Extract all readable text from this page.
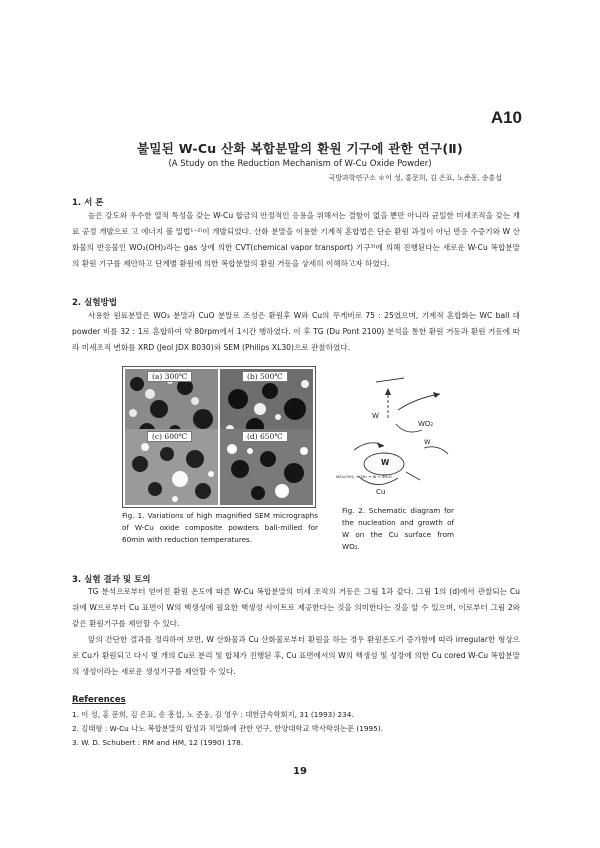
A10
불밀된 W-Cu 산화 복합분말의 환원 기구에 관한 연구(Ⅱ)
(A Study on the Reduction Mechanism of W-Cu Oxide Powder)
국방과학연구소 ＊이 성, 홍문희, 김 은표, 노준웅, 송흥섭
1. 서 론

높은 강도와 우수한 열적 특성을 갖는 W-Cu 합금의 안정적인 응용을 위해서는 결함이 없을 뿐만 아니라 균일한 미세조직을 갖는 재료 공정 개발으로 고 에너지 볼 밀법¹⁻²⁾이 개발되었다. 산화 분말을 이용한 기계적 혼합법은 단순 환원 과정이 아닌 반응 수증기와 W 산화물의 반응물인 WO₂(OH)₂라는 gas 상에 의한 CVT(chemical vapor transport) 기구³⁾에 의해 진행된다는 새로운 W-Cu 복합분말의 환원 기구를 제안하고 단계별 환원에 의한 복합분말의 환원 거동을 상세히 이해하고자 하였다.

2. 실험방법

사용한 원료분말은 WO₃ 분말과 CuO 분말로 조성은 환원후 W와 Cu의 무게비로 75 : 25였으며, 기계적 혼합화는 WC ball 대 powder 비를 32 : 1로 혼합하여 약 80rpm에서 1시간 행하였다. 이 후 TG (Du Pont 2100) 분석을 통한 환원 거동과 환원 거동에 따라 미세조직 변화를 XRD (Jeol JDX 8030)와 SEM (Philips XL30)으로 관찰하였다.

(a) 300℃	(b) 500℃
(c) 600℃	(d) 650℃
Fig. 1. Variations of high magnified SEM micrographs of W-Cu oxide composite powders ball-milled for 60min with reduction temperatures.
W
WO₂
W
Cu
W
WO₂(OH)₂ + 3H₂ → W + 4H₂O
Fig. 2. Schematic diagram for the nucleation and growth of W on the Cu surface from WO₂.
3. 실험 결과 및 토의

TG 분석으로부터 얻어진 환원 온도에 따른 W-Cu 복합분말의 미세 조직의 거동은 그림 1과 같다. 그림 1의 (d)에서 관찰되는 Cu 위에 W으로부터 Cu 표면이 W의 핵생성에 필요한 핵생성 사이트로 제공한다는 것을 의미한다는 것을 알 수 있으며, 이로부터 그림 2와 같은 환원기구를 제안할 수 있다.

앞의 간단한 결과를 정리하여 보면, W 산화물과 Cu 산화물로부터 환원을 하는 경우 환원온도기 증가함에 따라 irregular한 형상으로 Cu가 환원되고 다시 몇 개의 Cu로 분리 및 합체가 진행된 후, Cu 표면에서의 W의 핵생성 및 성장에 의한 Cu cored W-Cu 복합분말의 생성이라는 새로운 생성기구를 제안할 수 있다.

References
1. 이 성, 홍 문희, 김 은표, 송 흥섭, 노 준웅, 김 영우 : 대한금속학회지, 31 (1993) 234.
2. 김태형 : W-Cu 나노 복합분말의 합성과 치밀화에 관한 연구, 한양대학교 박사학위논문 (1995).
3. W. D. Schubert : RM and HM, 12 (1990) 178.
19
